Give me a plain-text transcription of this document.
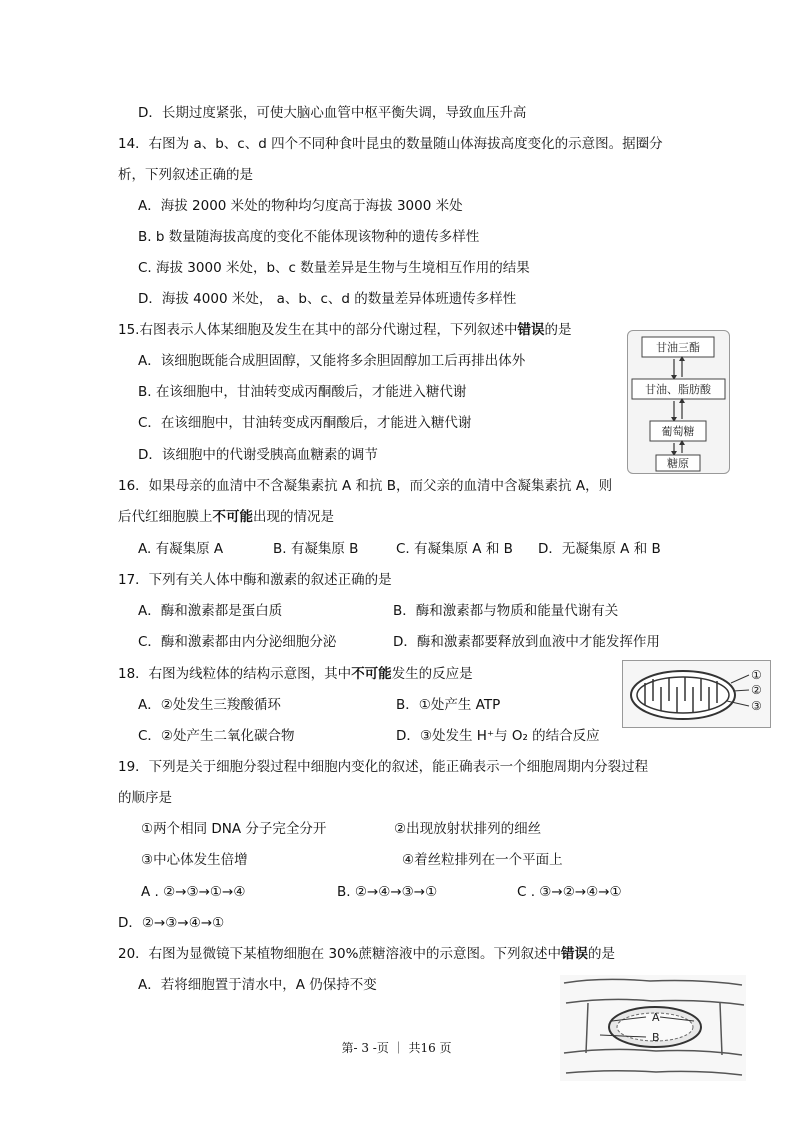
D．长期过度紧张，可使大脑心血管中枢平衡失调，导致血压升高
14．右图为 a、b、c、d 四个不同种食叶昆虫的数量随山体海拔高度变化的示意图。据圈分
析，下列叙述正确的是
A．海拔 2000 米处的物种均匀度高于海拔 3000 米处
B. b 数量随海拔高度的变化不能体现该物种的遗传多样性
C. 海拔 3000 米处，b、c 数量差异是生物与生境相互作用的结果
D．海拔 4000 米处， a、b、c、d 的数量差异体班遗传多样性
15.右图表示人体某细胞及发生在其中的部分代谢过程，下列叙述中错误的是
A．该细胞既能合成胆固醇，又能将多余胆固醇加工后再排出体外
B. 在该细胞中，甘油转变成丙酮酸后，才能进入糖代谢
C．在该细胞中，甘油转变成丙酮酸后，才能进入糖代谢
D．该细胞中的代谢受胰高血糖素的调节
甘油三酯
甘油、脂肪酸
葡萄糖
糖原
16．如果母亲的血清中不含凝集素抗 A 和抗 B，而父亲的血清中含凝集素抗 A，则
后代红细胞膜上不可能出现的情况是
A. 有凝集原 A	B. 有凝集原 B	C. 有凝集原 A 和 B D．无凝集原 A 和 B
17．下列有关人体中酶和激素的叙述正确的是
A．酶和激素都是蛋白质	B．酶和激素都与物质和能量代谢有关
C．酶和激素都由内分泌细胞分泌	D．酶和激素都要释放到血液中才能发挥作用
18．右图为线粒体的结构示意图，其中不可能发生的反应是
A．②处发生三羧酸循环	B．①处产生 ATP
C．②处产生二氧化碳合物	D．③处发生 H⁺与 O₂ 的结合反应
①
②
③
19．下列是关于细胞分裂过程中细胞内变化的叙述，能正确表示一个细胞周期内分裂过程
的顺序是
①两个相同 DNA 分子完全分开	②出现放射状排列的细丝
③中心体发生倍增	④着丝粒排列在一个平面上
A . ②→③→①→④	B. ②→④→③→①	C . ③→②→④→①
D．②→③→④→①
20．右图为显微镜下某植物细胞在 30%蔗糖溶液中的示意图。下列叙述中错误的是
A．若将细胞置于清水中，A 仍保持不变
A
B
第- 3 -页 ｜ 共16 页
